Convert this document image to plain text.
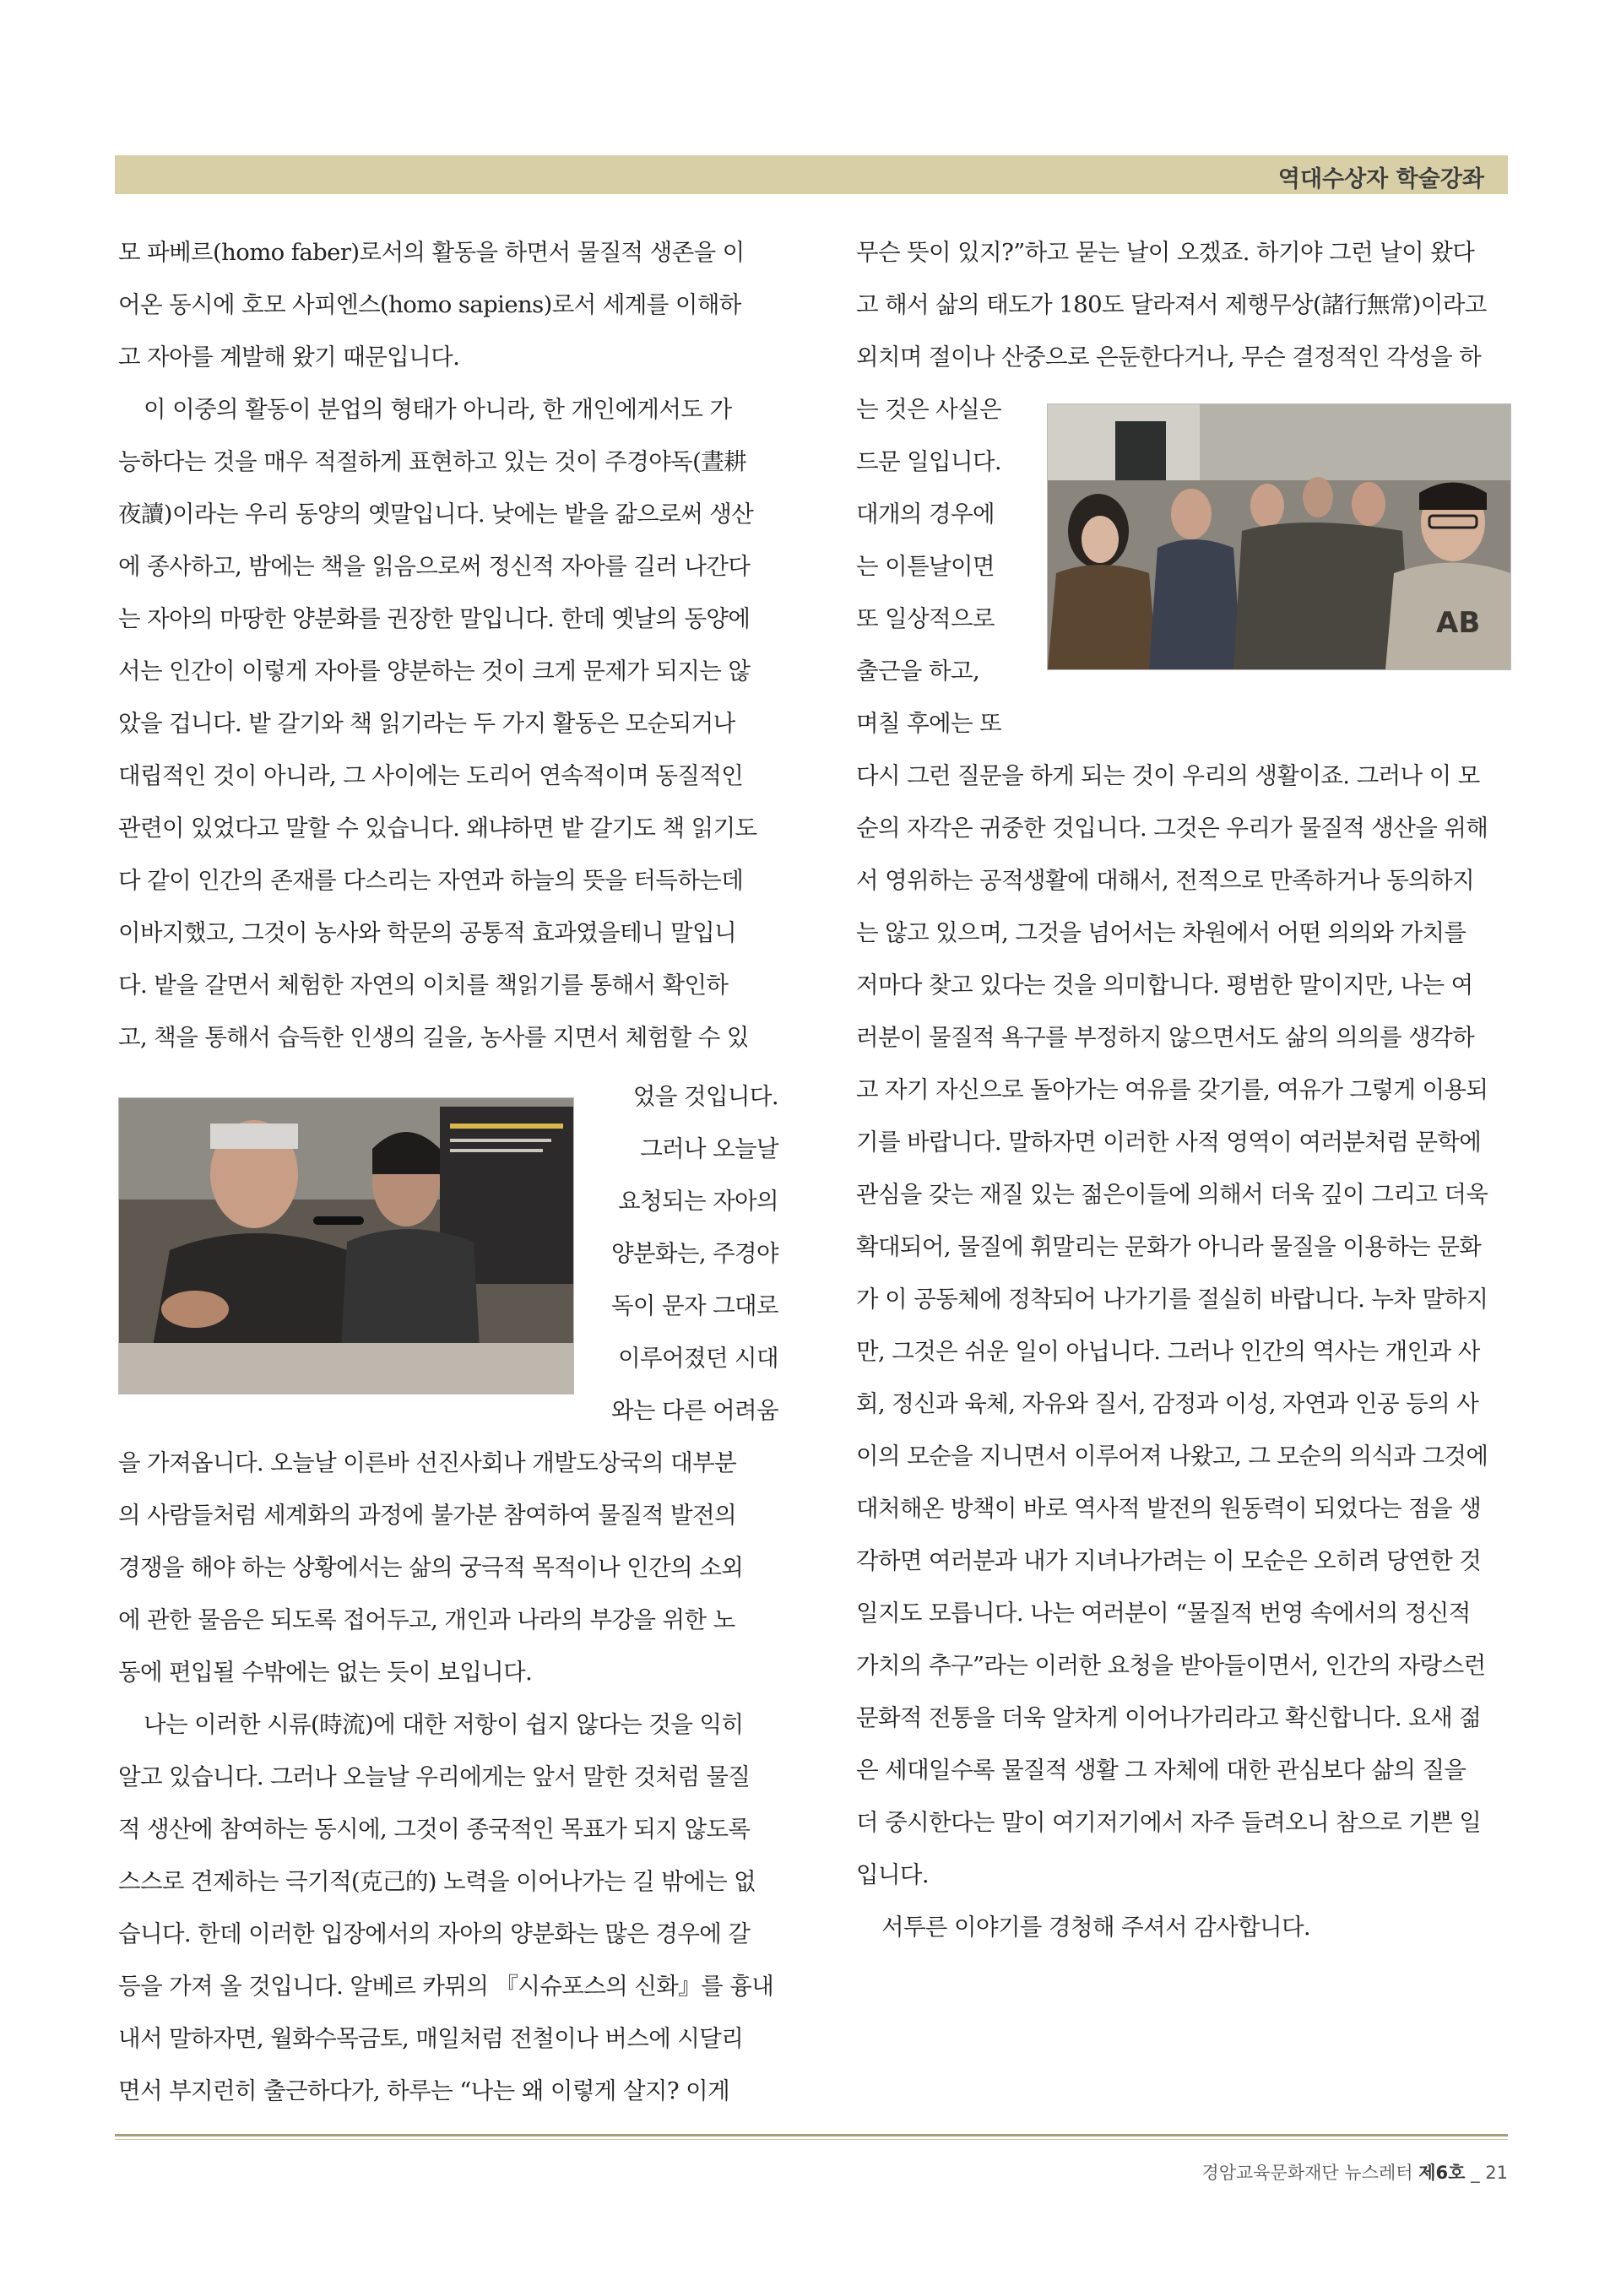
역대수상자 학술강좌

모 파베르(homo faber)로서의 활동을 하면서 물질적 생존을 이

어온 동시에 호모 사피엔스(homo sapiens)로서 세계를 이해하

고 자아를 계발해 왔기 때문입니다.

이 이중의 활동이 분업의 형태가 아니라, 한 개인에게서도 가

능하다는 것을 매우 적절하게 표현하고 있는 것이 주경야독(晝耕

夜讀)이라는 우리 동양의 옛말입니다. 낮에는 밭을 갊으로써 생산

에 종사하고, 밤에는 책을 읽음으로써 정신적 자아를 길러 나간다

는 자아의 마땅한 양분화를 권장한 말입니다. 한데 옛날의 동양에

서는 인간이 이렇게 자아를 양분하는 것이 크게 문제가 되지는 않

았을 겁니다. 밭 갈기와 책 읽기라는 두 가지 활동은 모순되거나

대립적인 것이 아니라, 그 사이에는 도리어 연속적이며 동질적인

관련이 있었다고 말할 수 있습니다. 왜냐하면 밭 갈기도 책 읽기도

다 같이 인간의 존재를 다스리는 자연과 하늘의 뜻을 터득하는데

이바지했고, 그것이 농사와 학문의 공통적 효과였을테니 말입니

다. 밭을 갈면서 체험한 자연의 이치를 책읽기를 통해서 확인하

고, 책을 통해서 습득한 인생의 길을, 농사를 지면서 체험할 수 있

었을 것입니다.

그러나 오늘날

요청되는 자아의

양분화는, 주경야

독이 문자 그대로

이루어졌던 시대

와는 다른 어려움

을 가져옵니다. 오늘날 이른바 선진사회나 개발도상국의 대부분

의 사람들처럼 세계화의 과정에 불가분 참여하여 물질적 발전의

경쟁을 해야 하는 상황에서는 삶의 궁극적 목적이나 인간의 소외

에 관한 물음은 되도록 접어두고, 개인과 나라의 부강을 위한 노

동에 편입될 수밖에는 없는 듯이 보입니다.

나는 이러한 시류(時流)에 대한 저항이 쉽지 않다는 것을 익히

알고 있습니다. 그러나 오늘날 우리에게는 앞서 말한 것처럼 물질

적 생산에 참여하는 동시에, 그것이 종국적인 목표가 되지 않도록

스스로 견제하는 극기적(克己的) 노력을 이어나가는 길 밖에는 없

습니다. 한데 이러한 입장에서의 자아의 양분화는 많은 경우에 갈

등을 가져 올 것입니다. 알베르 카뮈의 『시슈포스의 신화』를 흉내

내서 말하자면, 월화수목금토, 매일처럼 전철이나 버스에 시달리

면서 부지런히 출근하다가, 하루는 “나는 왜 이렇게 살지? 이게

무슨 뜻이 있지?”하고 묻는 날이 오겠죠. 하기야 그런 날이 왔다

고 해서 삶의 태도가 180도 달라져서 제행무상(諸行無常)이라고

외치며 절이나 산중으로 은둔한다거나, 무슨 결정적인 각성을 하

는 것은 사실은

드문 일입니다.

대개의 경우에

는 이튿날이면

또 일상적으로

출근을 하고,

며칠 후에는 또

AB

다시 그런 질문을 하게 되는 것이 우리의 생활이죠. 그러나 이 모

순의 자각은 귀중한 것입니다. 그것은 우리가 물질적 생산을 위해

서 영위하는 공적생활에 대해서, 전적으로 만족하거나 동의하지

는 않고 있으며, 그것을 넘어서는 차원에서 어떤 의의와 가치를

저마다 찾고 있다는 것을 의미합니다. 평범한 말이지만, 나는 여

러분이 물질적 욕구를 부정하지 않으면서도 삶의 의의를 생각하

고 자기 자신으로 돌아가는 여유를 갖기를, 여유가 그렇게 이용되

기를 바랍니다. 말하자면 이러한 사적 영역이 여러분처럼 문학에

관심을 갖는 재질 있는 젊은이들에 의해서 더욱 깊이 그리고 더욱

확대되어, 물질에 휘말리는 문화가 아니라 물질을 이용하는 문화

가 이 공동체에 정착되어 나가기를 절실히 바랍니다. 누차 말하지

만, 그것은 쉬운 일이 아닙니다. 그러나 인간의 역사는 개인과 사

회, 정신과 육체, 자유와 질서, 감정과 이성, 자연과 인공 등의 사

이의 모순을 지니면서 이루어져 나왔고, 그 모순의 의식과 그것에

대처해온 방책이 바로 역사적 발전의 원동력이 되었다는 점을 생

각하면 여러분과 내가 지녀나가려는 이 모순은 오히려 당연한 것

일지도 모릅니다. 나는 여러분이 “물질적 번영 속에서의 정신적

가치의 추구”라는 이러한 요청을 받아들이면서, 인간의 자랑스런

문화적 전통을 더욱 알차게 이어나가리라고 확신합니다. 요새 젊

은 세대일수록 물질적 생활 그 자체에 대한 관심보다 삶의 질을

더 중시한다는 말이 여기저기에서 자주 들려오니 참으로 기쁜 일

입니다.

서투른 이야기를 경청해 주셔서 감사합니다.

경암교육문화재단 뉴스레터 제6호 _ 21
